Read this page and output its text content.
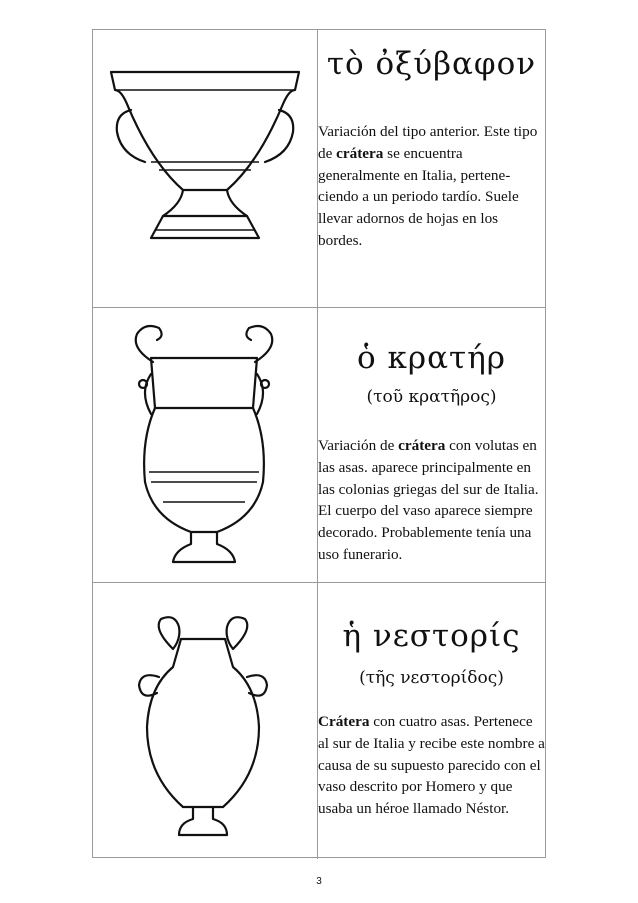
τὸ ὀξύβαφον

Variación del tipo anterior. Este tipo de crátera se encuentra generalmente en Italia, pertene-ciendo a un periodo tardío. Suele llevar adornos de hojas en los bordes.

ὁ κρατήρ
(τοῦ κρατῆρος)

Variación de crátera con volutas en las asas. aparece principalmente en las colonias griegas del sur de Italia. El cuerpo del vaso aparece siempre decorado. Probablemente tenía una uso funerario.

ἡ νεστορίς
(τῆς νεστορίδος)

Crátera con cuatro asas. Pertenece al sur de Italia y recibe este nombre a causa de su supuesto parecido con el vaso descrito por Homero y que usaba un héroe llamado Néstor.

3
